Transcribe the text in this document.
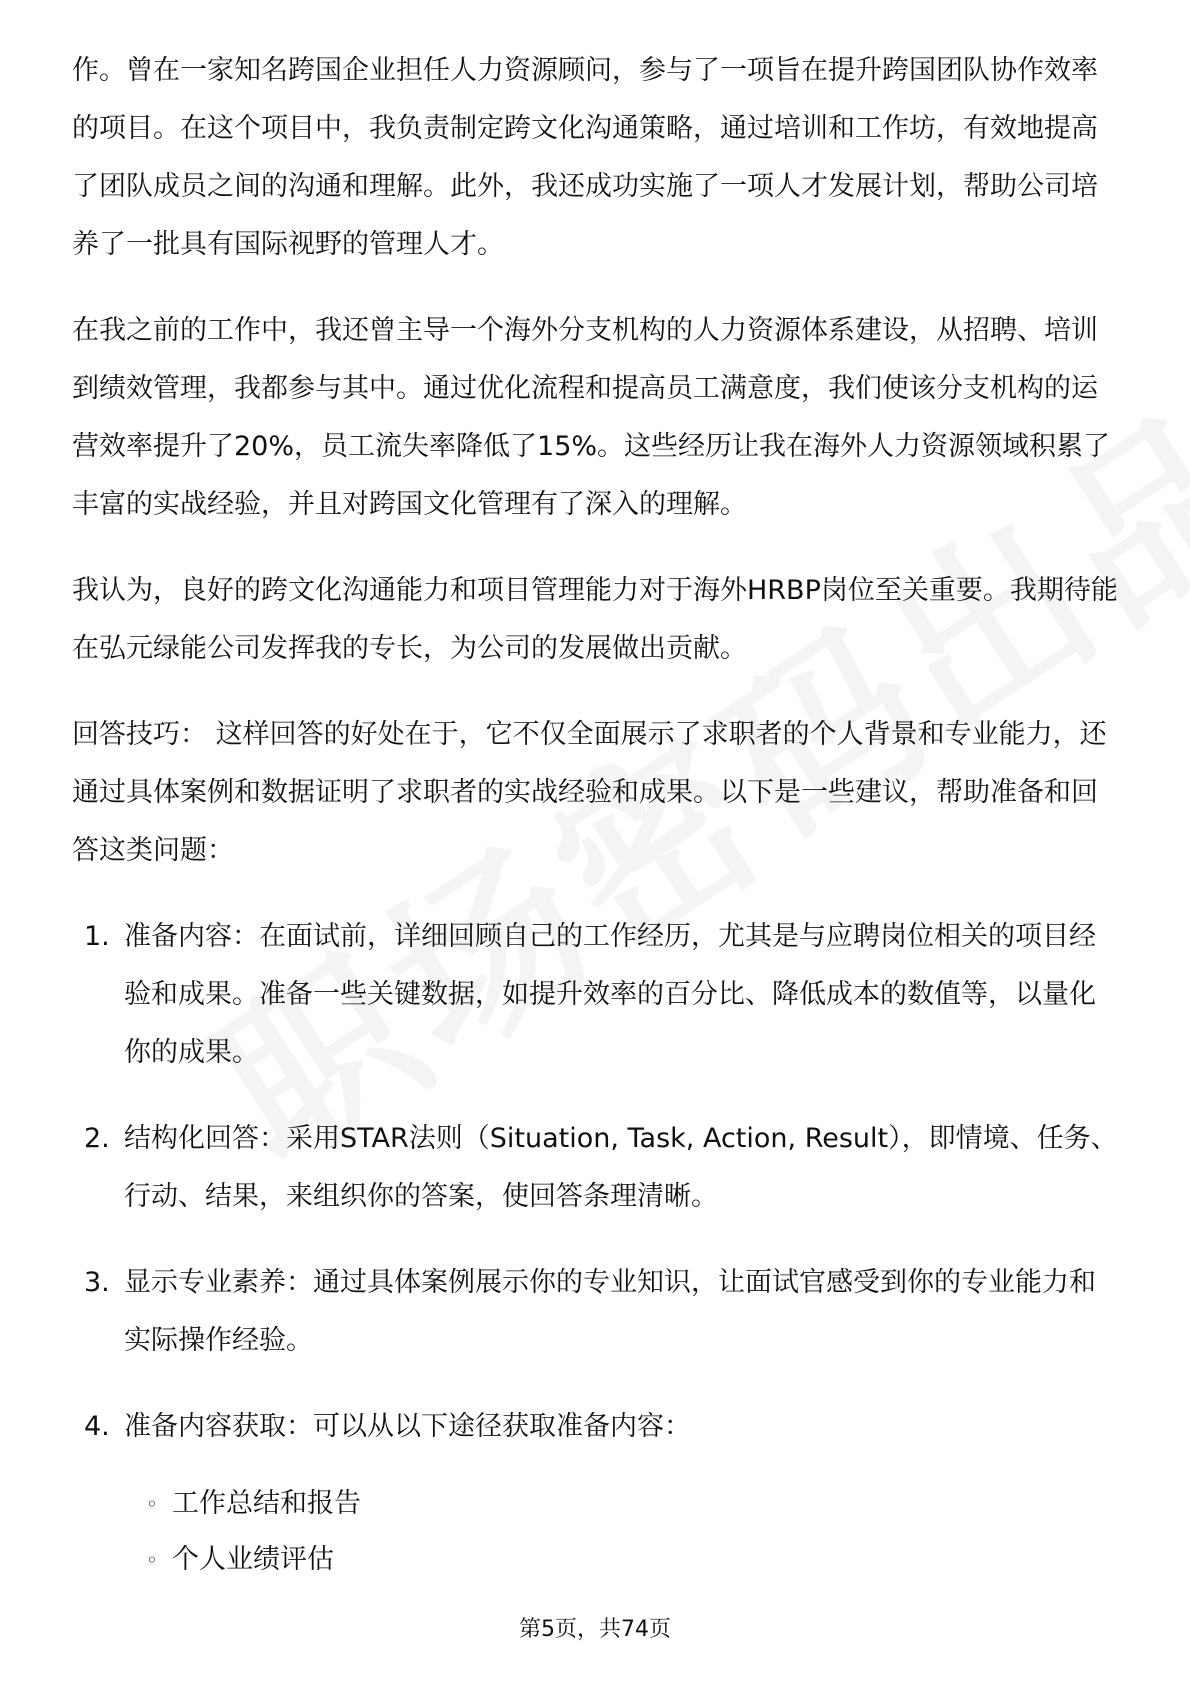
作。曾在一家知名跨国企业担任人力资源顾问，参与了一项旨在提升跨国团队协作效率的项目。在这个项目中，我负责制定跨文化沟通策略，通过培训和工作坊，有效地提高了团队成员之间的沟通和理解。此外，我还成功实施了一项人才发展计划，帮助公司培养了一批具有国际视野的管理人才。

在我之前的工作中，我还曾主导一个海外分支机构的人力资源体系建设，从招聘、培训到绩效管理，我都参与其中。通过优化流程和提高员工满意度，我们使该分支机构的运营效率提升了20%，员工流失率降低了15%。这些经历让我在海外人力资源领域积累了丰富的实战经验，并且对跨国文化管理有了深入的理解。

我认为，良好的跨文化沟通能力和项目管理能力对于海外HRBP岗位至关重要。我期待能在弘元绿能公司发挥我的专长，为公司的发展做出贡献。

回答技巧： 这样回答的好处在于，它不仅全面展示了求职者的个人背景和专业能力，还通过具体案例和数据证明了求职者的实战经验和成果。以下是一些建议，帮助准备和回答这类问题：

1. 准备内容：在面试前，详细回顾自己的工作经历，尤其是与应聘岗位相关的项目经验和成果。准备一些关键数据，如提升效率的百分比、降低成本的数值等，以量化你的成果。
2. 结构化回答：采用STAR法则（Situation, Task, Action, Result），即情境、任务、行动、结果，来组织你的答案，使回答条理清晰。
3. 显示专业素养：通过具体案例展示你的专业知识，让面试官感受到你的专业能力和实际操作经验。
4. 准备内容获取：可以从以下途径获取准备内容：
◦ 工作总结和报告
◦ 个人业绩评估
第5页，共74页
